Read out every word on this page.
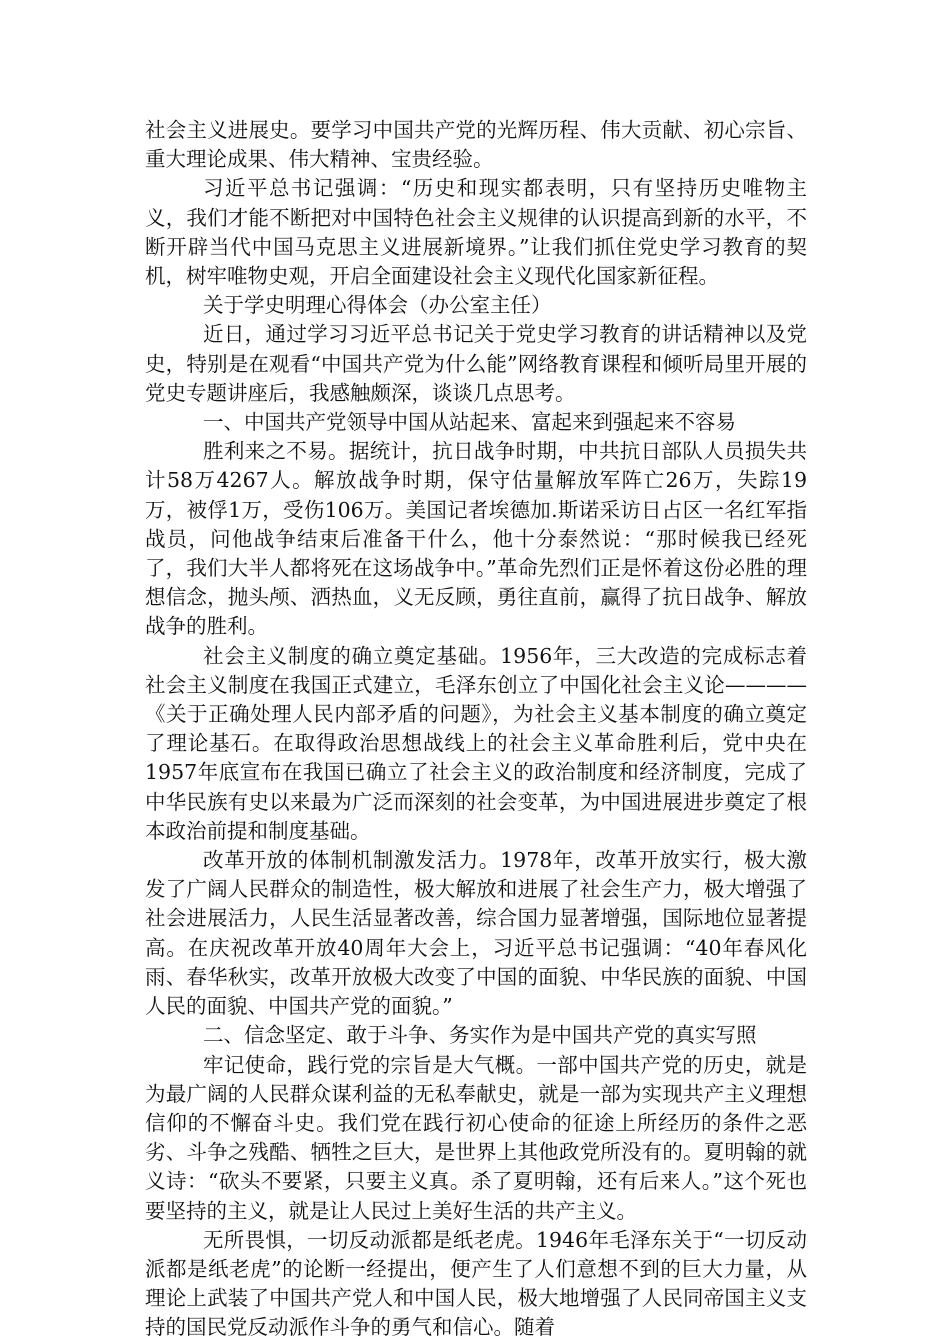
社会主义进展史。要学习中国共产党的光辉历程、伟大贡献、初心宗旨、重大理论成果、伟大精神、宝贵经验。

习近平总书记强调：“历史和现实都表明，只有坚持历史唯物主义，我们才能不断把对中国特色社会主义规律的认识提高到新的水平，不断开辟当代中国马克思主义进展新境界。”让我们抓住党史学习教育的契机，树牢唯物史观，开启全面建设社会主义现代化国家新征程。

关于学史明理心得体会（办公室主任）

近日，通过学习习近平总书记关于党史学习教育的讲话精神以及党史，特别是在观看“中国共产党为什么能”网络教育课程和倾听局里开展的党史专题讲座后，我感触颇深，谈谈几点思考。

一、中国共产党领导中国从站起来、富起来到强起来不容易

胜利来之不易。据统计，抗日战争时期，中共抗日部队人员损失共计58万4267人。解放战争时期，保守估量解放军阵亡26万，失踪19万，被俘1万，受伤106万。美国记者埃德加.斯诺采访日占区一名红军指战员，问他战争结束后准备干什么，他十分泰然说：“那时候我已经死了，我们大半人都将死在这场战争中。”革命先烈们正是怀着这份必胜的理想信念，抛头颅、洒热血，义无反顾，勇往直前，赢得了抗日战争、解放战争的胜利。

社会主义制度的确立奠定基础。1956年，三大改造的完成标志着社会主义制度在我国正式建立，毛泽东创立了中国化社会主义论————《关于正确处理人民内部矛盾的问题》，为社会主义基本制度的确立奠定了理论基石。在取得政治思想战线上的社会主义革命胜利后，党中央在1957年底宣布在我国已确立了社会主义的政治制度和经济制度，完成了中华民族有史以来最为广泛而深刻的社会变革，为中国进展进步奠定了根本政治前提和制度基础。

改革开放的体制机制激发活力。1978年，改革开放实行，极大激发了广阔人民群众的制造性，极大解放和进展了社会生产力，极大增强了社会进展活力，人民生活显著改善，综合国力显著增强，国际地位显著提高。在庆祝改革开放40周年大会上，习近平总书记强调：“40年春风化雨、春华秋实，改革开放极大改变了中国的面貌、中华民族的面貌、中国人民的面貌、中国共产党的面貌。”

二、信念坚定、敢于斗争、务实作为是中国共产党的真实写照

牢记使命，践行党的宗旨是大气概。一部中国共产党的历史，就是为最广阔的人民群众谋利益的无私奉献史，就是一部为实现共产主义理想信仰的不懈奋斗史。我们党在践行初心使命的征途上所经历的条件之恶劣、斗争之残酷、牺牲之巨大，是世界上其他政党所没有的。夏明翰的就义诗：“砍头不要紧，只要主义真。杀了夏明翰，还有后来人。”这个死也要坚持的主义，就是让人民过上美好生活的共产主义。

无所畏惧，一切反动派都是纸老虎。1946年毛泽东关于“一切反动派都是纸老虎”的论断一经提出，便产生了人们意想不到的巨大力量，从理论上武装了中国共产党人和中国人民，极大地增强了人民同帝国主义支持的国民党反动派作斗争的勇气和信心。随着
